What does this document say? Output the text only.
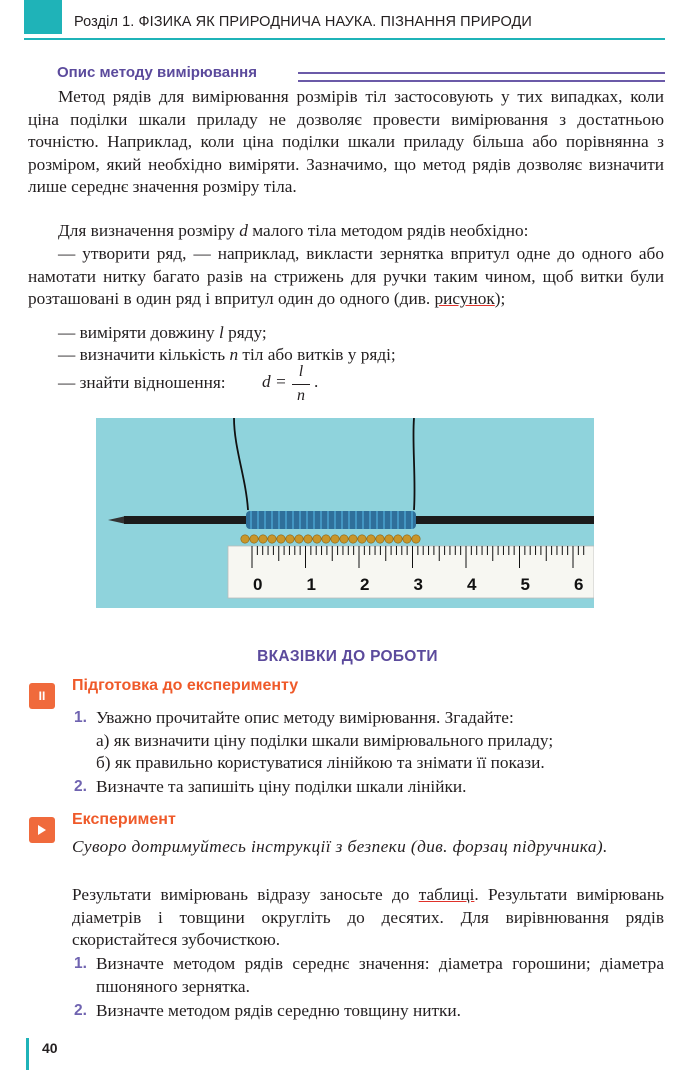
Розділ 1. ФІЗИКА ЯК ПРИРОДНИЧА НАУКА. ПІЗНАННЯ ПРИРОДИ
Опис методу вимірювання
Метод рядів для вимірювання розмірів тіл застосовують у тих випадках, коли ціна поділки шкали приладу не дозволяє провести вимірювання з достатньою точністю. Наприклад, коли ціна поділки шкали приладу більша або порівнянна з розміром, який необхідно виміряти. Зазначимо, що метод рядів дозволяє визначити лише середнє значення розміру тіла.
Для визначення розміру d малого тіла методом рядів необхідно:
— утворити ряд, — наприклад, викласти зернятка впритул одне до одного або намотати нитку багато разів на стрижень для ручки таким чином, щоб витки були розташовані в один ряд і впритул один до одного (див. рисунок);
— виміряти довжину l ряду;
— визначити кількість n тіл або витків у ряді;
— знайти відношення:	d =
l
n
.
0	1	2	3	4	5	6
ВКАЗІВКИ ДО РОБОТИ
II
Підготовка до експерименту
1. Уважно прочитайте опис методу вимірювання. Згадайте:
а) як визначити ціну поділки шкали вимірювального приладу;
б) як правильно користуватися лінійкою та знімати її покази.
2. Визначте та запишіть ціну поділки шкали лінійки.
Експеримент
Суворо дотримуйтесь інструкції з безпеки (див. форзац підручника).
Результати вимірювань відразу заносьте до таблиці. Результати вимірювань діаметрів і товщини округліть до десятих. Для вирівнювання рядів скористайтеся зубочисткою.
1. Визначте методом рядів середнє значення: діаметра горошини; діаметра пшоняного зернятка.
2. Визначте методом рядів середню товщину нитки.
40
